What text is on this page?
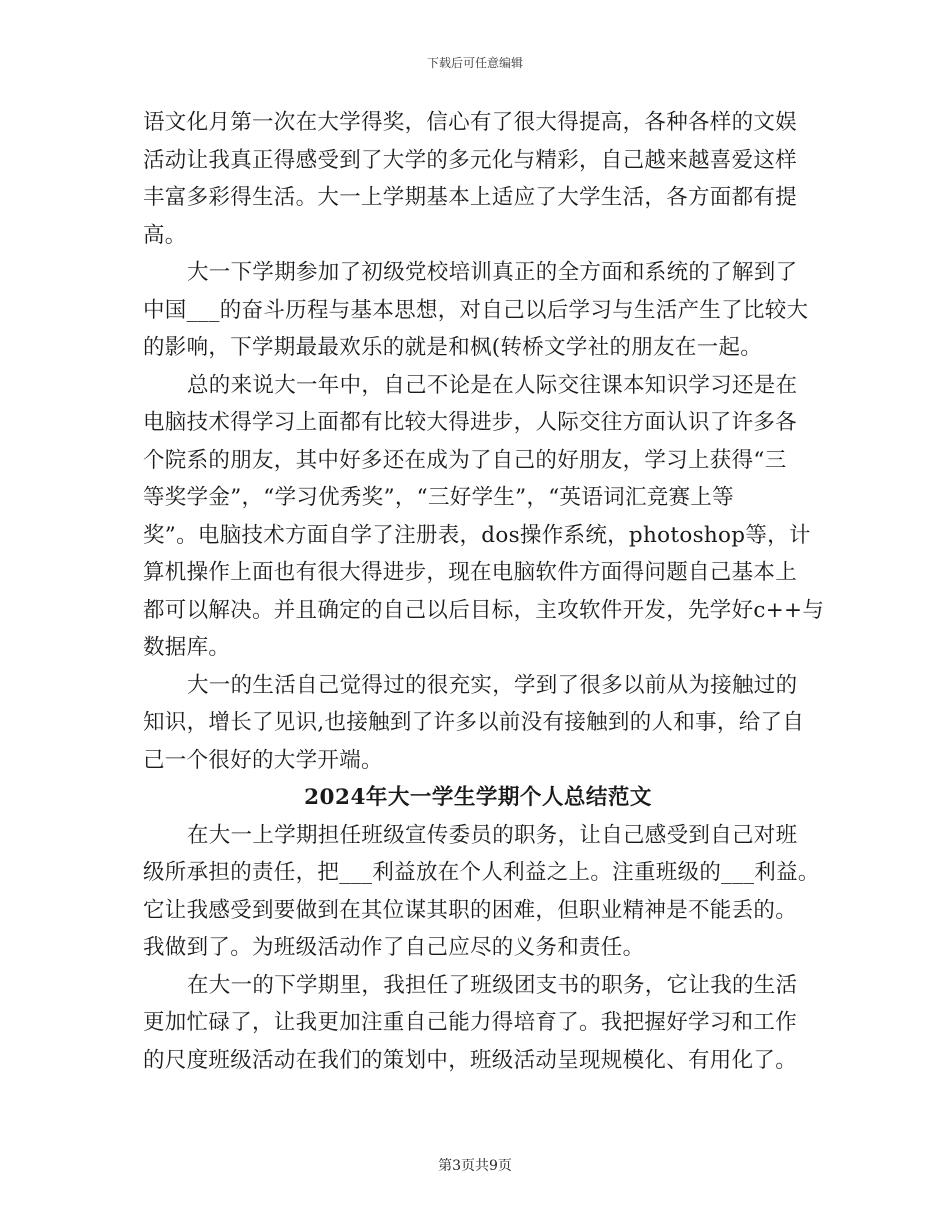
下载后可任意编辑
语文化月第一次在大学得奖，信心有了很大得提高，各种各样的文娱
活动让我真正得感受到了大学的多元化与精彩，自己越来越喜爱这样
丰富多彩得生活。大一上学期基本上适应了大学生活，各方面都有提
高。
大一下学期参加了初级党校培训真正的全方面和系统的了解到了
中国___的奋斗历程与基本思想，对自己以后学习与生活产生了比较大
的影响，下学期最最欢乐的就是和枫(转桥文学社的朋友在一起。
总的来说大一年中，自己不论是在人际交往课本知识学习还是在
电脑技术得学习上面都有比较大得进步，人际交往方面认识了许多各
个院系的朋友，其中好多还在成为了自己的好朋友，学习上获得“三
等奖学金”，“学习优秀奖”，“三好学生”，“英语词汇竞赛上等
奖”。电脑技术方面自学了注册表，dos操作系统，photoshop等，计
算机操作上面也有很大得进步，现在电脑软件方面得问题自己基本上
都可以解决。并且确定的自己以后目标，主攻软件开发，先学好c++与
数据库。
大一的生活自己觉得过的很充实，学到了很多以前从为接触过的
知识，增长了见识,也接触到了许多以前没有接触到的人和事，给了自
己一个很好的大学开端。
2024年大一学生学期个人总结范文
在大一上学期担任班级宣传委员的职务，让自己感受到自己对班
级所承担的责任，把___利益放在个人利益之上。注重班级的___利益。
它让我感受到要做到在其位谋其职的困难，但职业精神是不能丢的。
我做到了。为班级活动作了自己应尽的义务和责任。
在大一的下学期里，我担任了班级团支书的职务，它让我的生活
更加忙碌了，让我更加注重自己能力得培育了。我把握好学习和工作
的尺度班级活动在我们的策划中，班级活动呈现规模化、有用化了。
第3页共9页
